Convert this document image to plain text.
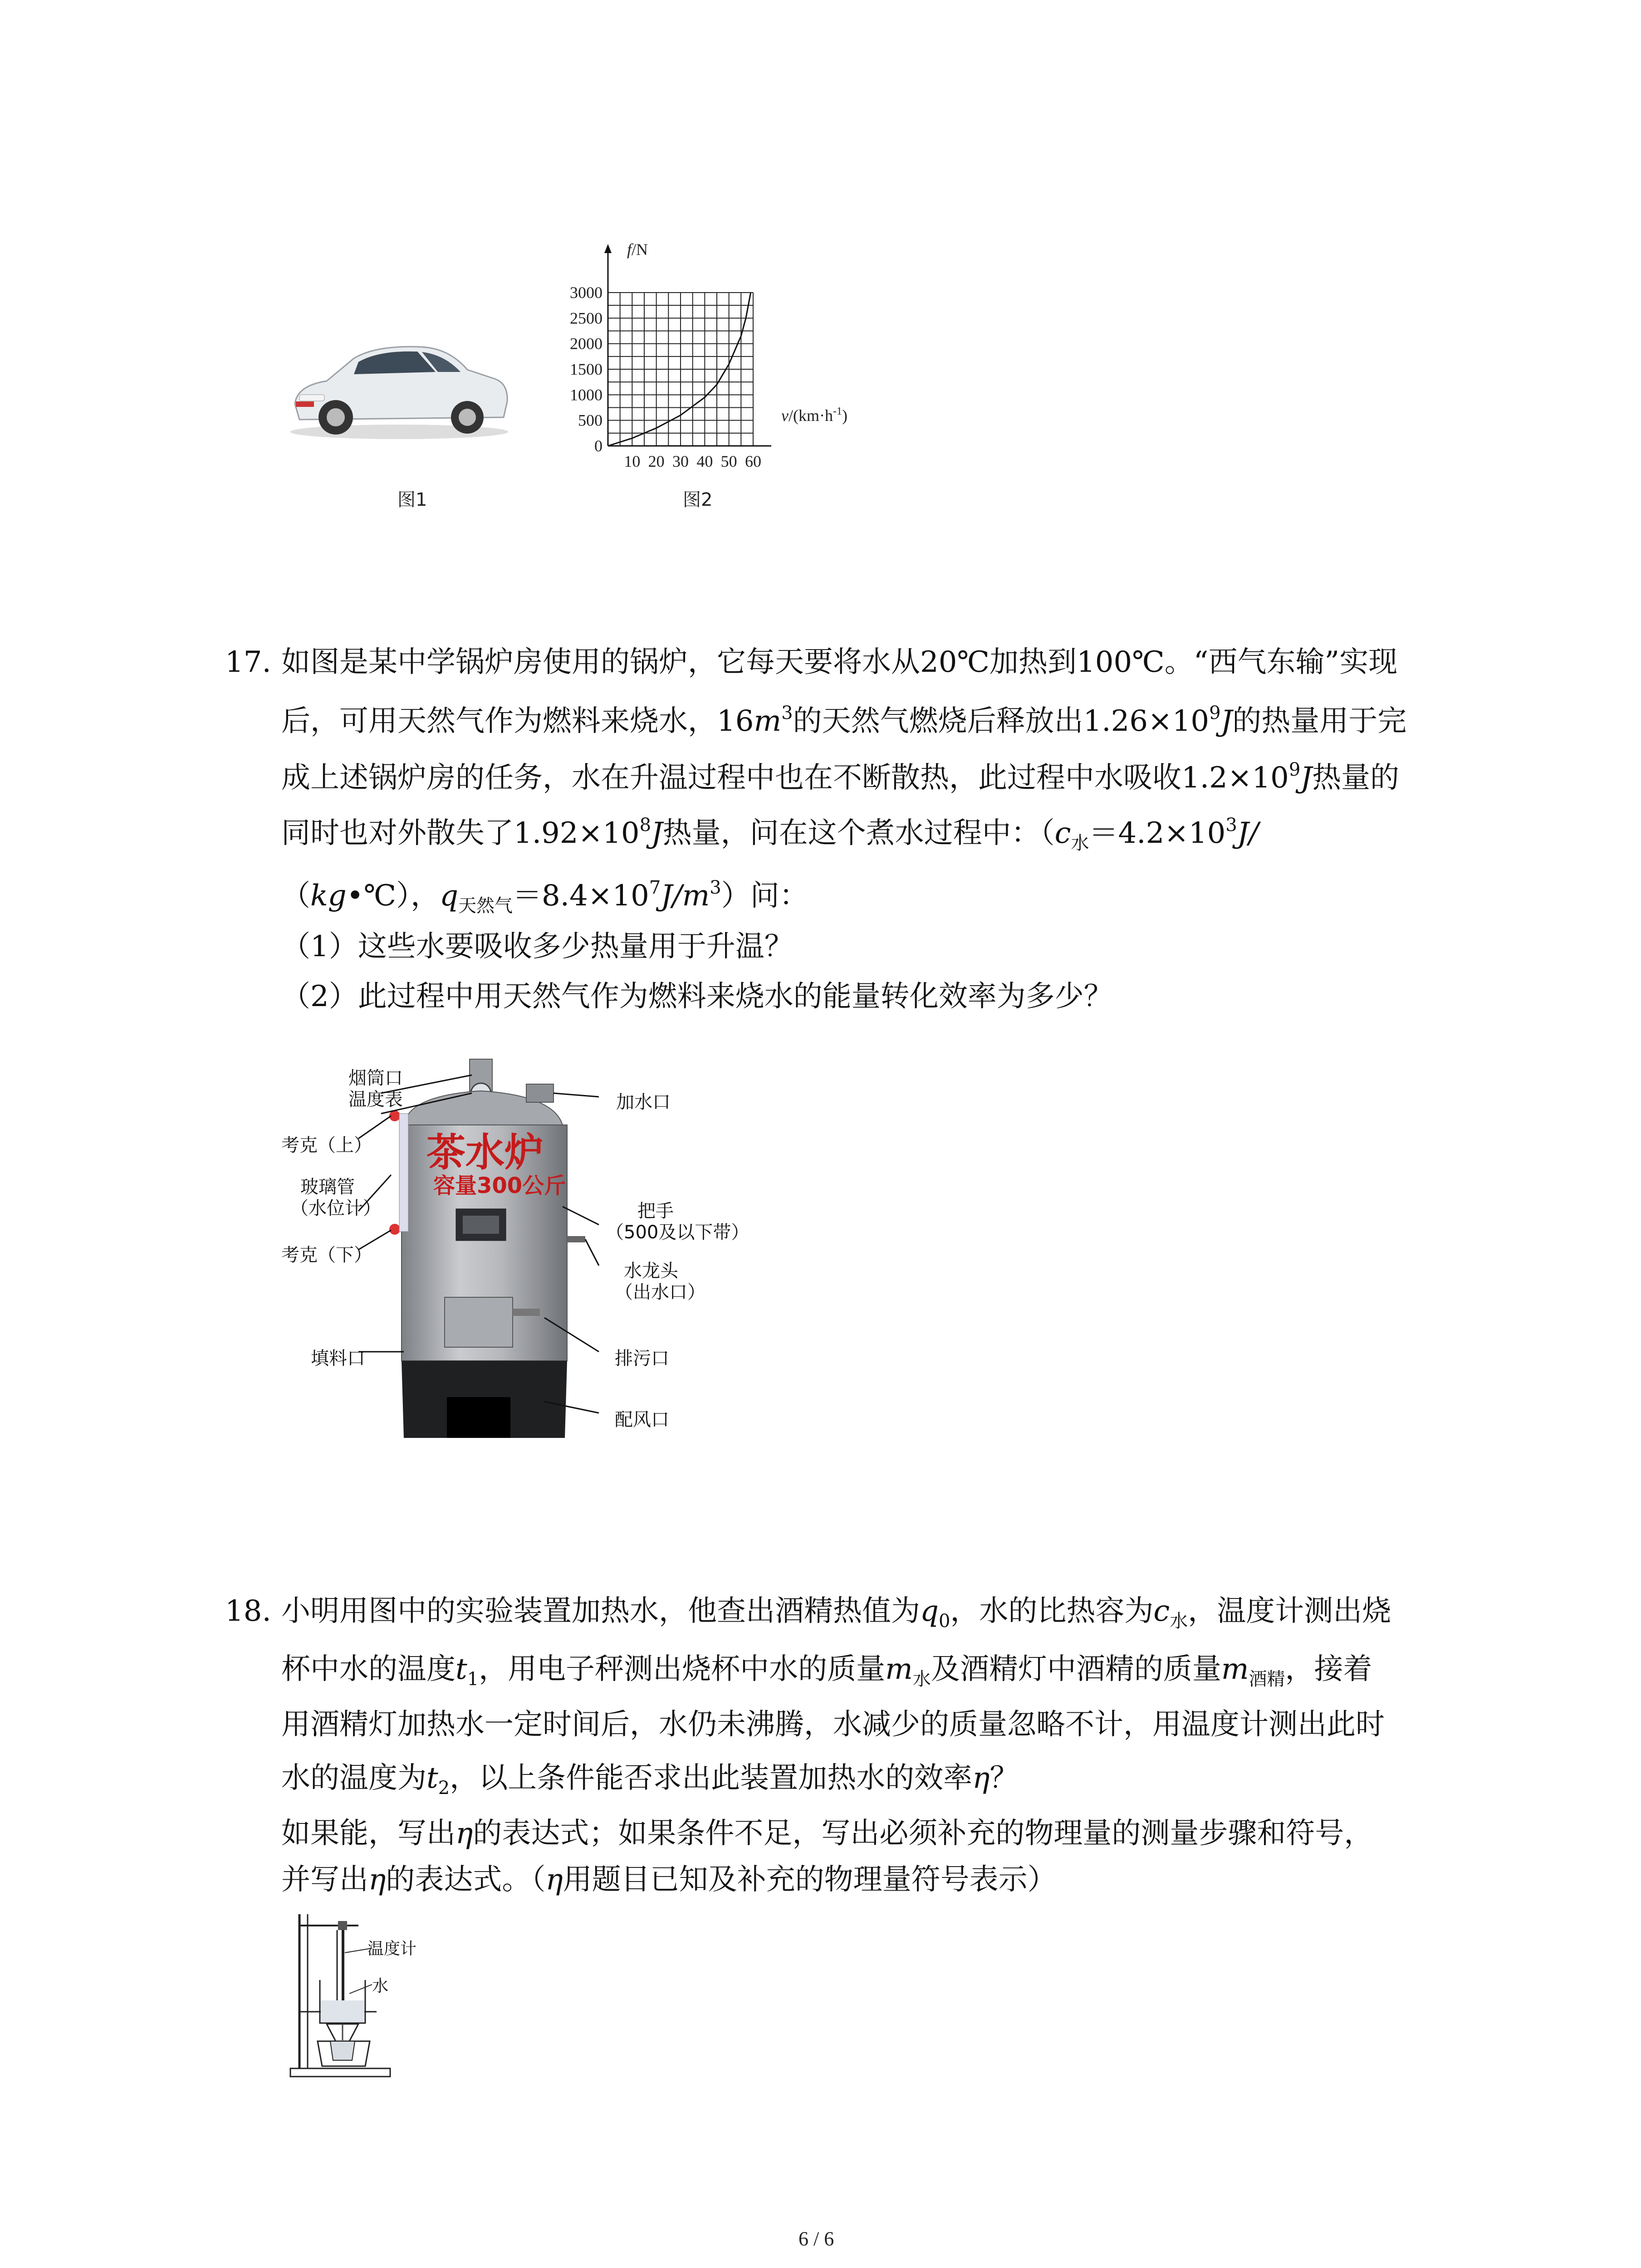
图1
0
500
1000
1500
2000
2500
3000
10 20 30 40 50 60
f/N
$v/(km\cdot h^{-1})$
图2
17. 如图是某中学锅炉房使用的锅炉，它每天要将水从20℃加热到100℃。“西气东输”实现
后，可用天然气作为燃料来烧水，$16m^3$的天然气燃烧后释放出$1.26\times 10^9J$的热量用于完
成上述锅炉房的任务，水在升温过程中也在不断散热，此过程中水吸收$1.2\times 10^9J$热量的
同时也对外散失了$1.92\times 10^8J$热量，问在这个煮水过程中：（$c_水=4.2\times 10^3J/$
（kg•℃），$q_{天然气}=8.4\times 10^7J/m^3$）问：
（1）这些水要吸收多少热量用于升温？
（2）此过程中用天然气作为燃料来烧水的能量转化效率为多少？
茶水炉
容量300公斤
烟筒口
温度表
考克（上）
玻璃管
（水位计）
考克（下）
填料口
加水口
把手
（500及以下带）
水龙头
（出水口）
排污口
配风口
18. 小明用图中的实验装置加热水，他查出酒精热值为$q_0$，水的比热容为$c_水$，温度计测出烧
杯中水的温度$t_1$，用电子秤测出烧杯中水的质量$m_水$及酒精灯中酒精的质量$m_{酒精}$，接着
用酒精灯加热水一定时间后，水仍未沸腾，水减少的质量忽略不计，用温度计测出此时
水的温度为$t_2$，以上条件能否求出此装置加热水的效率η？
如果能，写出η的表达式；如果条件不足，写出必须补充的物理量的测量步骤和符号，
并写出η的表达式。（η用题目已知及补充的物理量符号表示）
温度计
水
6 / 6
